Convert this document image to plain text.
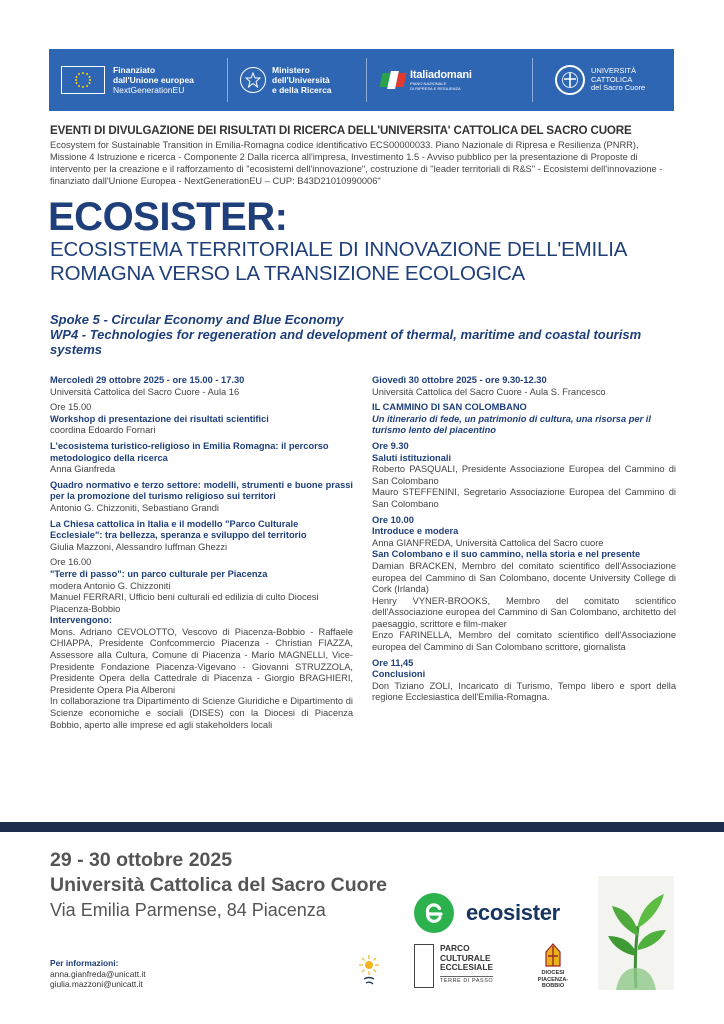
Finanziato
dall'Unione europea
NextGenerationEU
Ministero
dell'Università
e della Ricerca
Italiadomani
PIANO NAZIONALE
DI RIPRESA E RESILIENZA
UNIVERSITÀ
CATTOLICA
del Sacro Cuore
EVENTI DI DIVULGAZIONE DEI RISULTATI DI RICERCA DELL'UNIVERSITA' CATTOLICA DEL SACRO CUORE
Ecosystem for Sustainable Transition in Emilia-Romagna codice identificativo ECS00000033. Piano Nazionale di Ripresa e Resilienza (PNRR), Missione 4 Istruzione e ricerca - Componente 2 Dalla ricerca all'impresa, Investimento 1.5 - Avviso pubblico per la presentazione di Proposte di intervento per la creazione e il rafforzamento di "ecosistemi dell'innovazione", costruzione di "leader territoriali di R&S" - Ecosistemi dell'innovazione - finanziato dall'Unione Europea - NextGenerationEU – CUP: B43D21010990006"
ECOSISTER:
ECOSISTEMA TERRITORIALE DI INNOVAZIONE DELL'EMILIA ROMAGNA VERSO LA TRANSIZIONE ECOLOGICA
Spoke 5 - Circular Economy and Blue Economy
WP4 - Technologies for regeneration and development of thermal, maritime and coastal tourism systems
Mercoledì 29 ottobre 2025 - ore 15.00 - 17.30
Università Cattolica del Sacro Cuore - Aula 16
Ore 15.00
Workshop di presentazione dei risultati scientifici
coordina Edoardo Fornari
L'ecosistema turistico-religioso in Emilia Romagna: il percorso metodologico della ricerca
Anna Gianfreda
Quadro normativo e terzo settore: modelli, strumenti e buone prassi per la promozione del turismo religioso sui territori
Antonio G. Chizzoniti, Sebastiano Grandi
La Chiesa cattolica in Italia e il modello "Parco Culturale Ecclesiale": tra bellezza, speranza e sviluppo del territorio
Giulia Mazzoni, Alessandro Iuffman Ghezzi
Ore 16.00
"Terre di passo": un parco culturale per Piacenza
modera Antonio G. Chizzoniti
Manuel FERRARI, Ufficio beni culturali ed edilizia di culto Diocesi Piacenza-Bobbio
Intervengono:
Mons. Adriano CEVOLOTTO, Vescovo di Piacenza-Bobbio - Raffaele CHIAPPA, Presidente Confcommercio Piacenza - Christian FIAZZA, Assessore alla Cultura, Comune di Piacenza - Mario MAGNELLI, Vice-Presidente Fondazione Piacenza-Vigevano - Giovanni STRUZZOLA, Presidente Opera della Cattedrale di Piacenza - Giorgio BRAGHIERI, Presidente Opera Pia Alberoni
In collaborazione tra Dipartimento di Scienze Giuridiche e Dipartimento di Scienze economiche e sociali (DISES) con la Diocesi di Piacenza Bobbio, aperto alle imprese ed agli stakeholders locali
Giovedì 30 ottobre 2025 - ore 9.30-12.30
Università Cattolica del Sacro Cuore - Aula S. Francesco
IL CAMMINO DI SAN COLOMBANO
Un itinerario di fede, un patrimonio di cultura, una risorsa per il turismo lento del piacentino
Ore 9.30
Saluti istituzionali
Roberto PASQUALI, Presidente Associazione Europea del Cammino di San Colombano
Mauro STEFFENINI, Segretario Associazione Europea del Cammino di San Colombano
Ore 10.00
Introduce e modera
Anna GIANFREDA, Università Cattolica del Sacro cuore
San Colombano e il suo cammino, nella storia e nel presente
Damian BRACKEN, Membro del comitato scientifico dell'Associazione europea del Cammino di San Colombano, docente University College di Cork (Irlanda)
Henry VYNER-BROOKS, Membro del comitato scientifico dell'Associazione europea del Cammino di San Colombano, architetto del paesaggio, scrittore e film-maker
Enzo FARINELLA, Membro del comitato scientifico dell'Associazione europea del Cammino di San Colombano scrittore, giornalista
Ore 11,45
Conclusioni
Don Tiziano ZOLI, Incaricato di Turismo, Tempo libero e sport della regione Ecclesiastica dell'Emilia-Romagna.
29 - 30 ottobre 2025
Università Cattolica del Sacro Cuore
Via Emilia Parmense, 84 Piacenza
Per informazioni:
anna.gianfreda@unicatt.it
giulia.mazzoni@unicatt.it
ecosister
PARCO
CULTURALE
ECCLESIALE
TERRE DI PASSO
DIOCESI
PIACENZA-BOBBIO
